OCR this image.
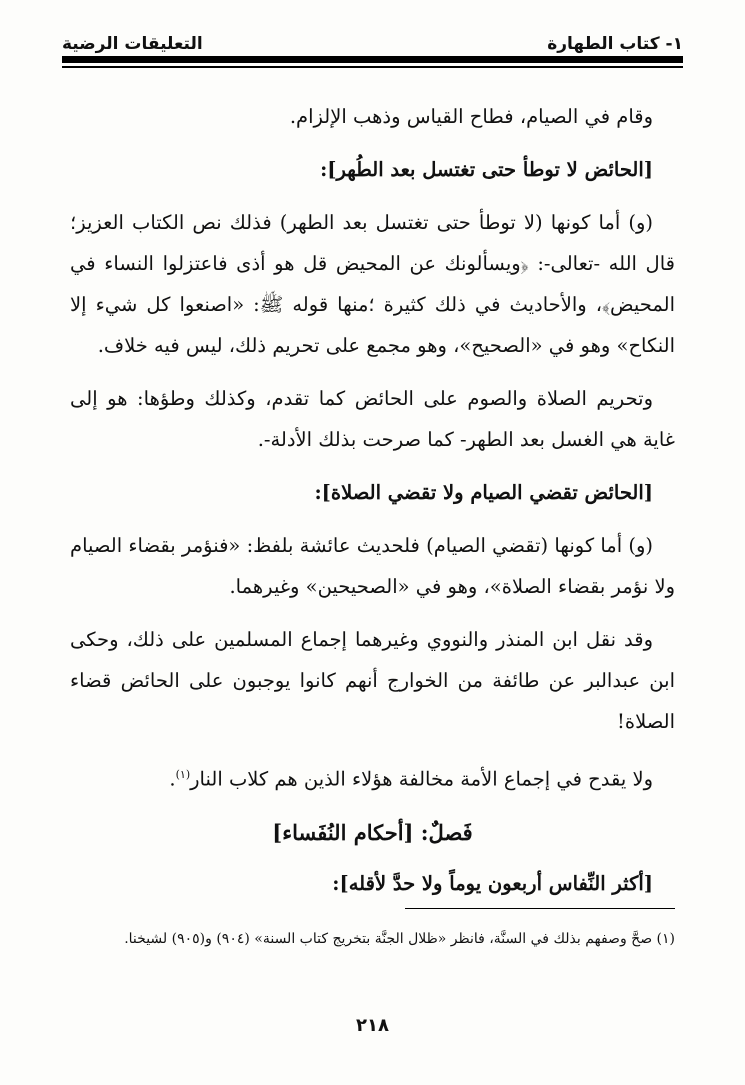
١- كتاب الطهارة
التعليقات الرضية

وقام في الصيام، فطاح القياس وذهب الإلزام.

[الحائض لا توطأ حتى تغتسل بعد الطُهر]:

(و) أما كونها (لا توطأ حتى تغتسل بعد الطهر) فذلك نص الكتاب العزيز؛ قال الله -تعالى-: ﴿ويسألونك عن المحيض قل هو أذى فاعتزلوا النساء في المحيض﴾، والأحاديث في ذلك كثيرة ؛منها قوله ﷺ: «اصنعوا كل شيء إلا النكاح» وهو في «الصحيح»، وهو مجمع على تحريم ذلك، ليس فيه خلاف.

وتحريم الصلاة والصوم على الحائض كما تقدم، وكذلك وطؤها: هو إلى غاية هي الغسل بعد الطهر- كما صرحت بذلك الأدلة-.

[الحائض تقضي الصيام ولا تقضي الصلاة]:

(و) أما كونها (تقضي الصيام) فلحديث عائشة بلفظ: «فنؤمر بقضاء الصيام ولا نؤمر بقضاء الصلاة»، وهو في «الصحيحين» وغيرهما.

وقد نقل ابن المنذر والنووي وغيرهما إجماع المسلمين على ذلك، وحكى ابن عبدالبر عن طائفة من الخوارج أنهم كانوا يوجبون على الحائض قضاء الصلاة!

ولا يقدح في إجماع الأمة مخالفة هؤلاء الذين هم كلاب النار$^{(١)}$.

فَصلٌ: [أحكام النُفَساء]

[أكثر النِّفاس أربعون يوماً ولا حدَّ لأقله]:

(١) صحَّ وصفهم بذلك في السنَّة، فانظر «ظلال الجنَّة بتخريج كتاب السنة» (٩٠٤) و(٩٠٥) لشيخنا.
٢١٨
